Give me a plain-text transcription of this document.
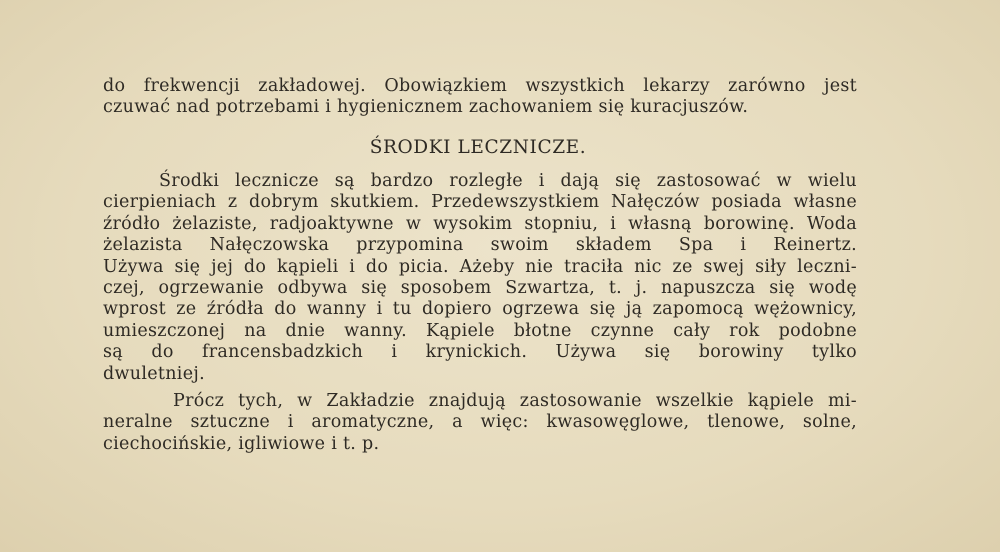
do frekwencji zakładowej. Obowiązkiem wszystkich lekarzy zarówno jest
czuwać nad potrzebami i hygienicznem zachowaniem się kuracjuszów.
ŚRODKI LECZNICZE.
Środki lecznicze są bardzo rozległe i dają się zastosować w wielu
cierpieniach z dobrym skutkiem. Przedewszystkiem Nałęczów posiada własne
źródło żelaziste, radjoaktywne w wysokim stopniu, i własną borowinę. Woda
żelazista Nałęczowska przypomina swoim składem Spa i Reinertz.
Używa się jej do kąpieli i do picia. Ażeby nie traciła nic ze swej siły leczni-
czej, ogrzewanie odbywa się sposobem Szwartza, t. j. napuszcza się wodę
wprost ze źródła do wanny i tu dopiero ogrzewa się ją zapomocą wężownicy,
umieszczonej na dnie wanny. Kąpiele błotne czynne cały rok podobne
są do francensbadzkich i krynickich. Używa się borowiny tylko
dwuletniej.
Prócz tych, w Zakładzie znajdują zastosowanie wszelkie kąpiele mi-
neralne sztuczne i aromatyczne, a więc: kwasowęglowe, tlenowe, solne,
ciechocińskie, igliwiowe i t. p.
